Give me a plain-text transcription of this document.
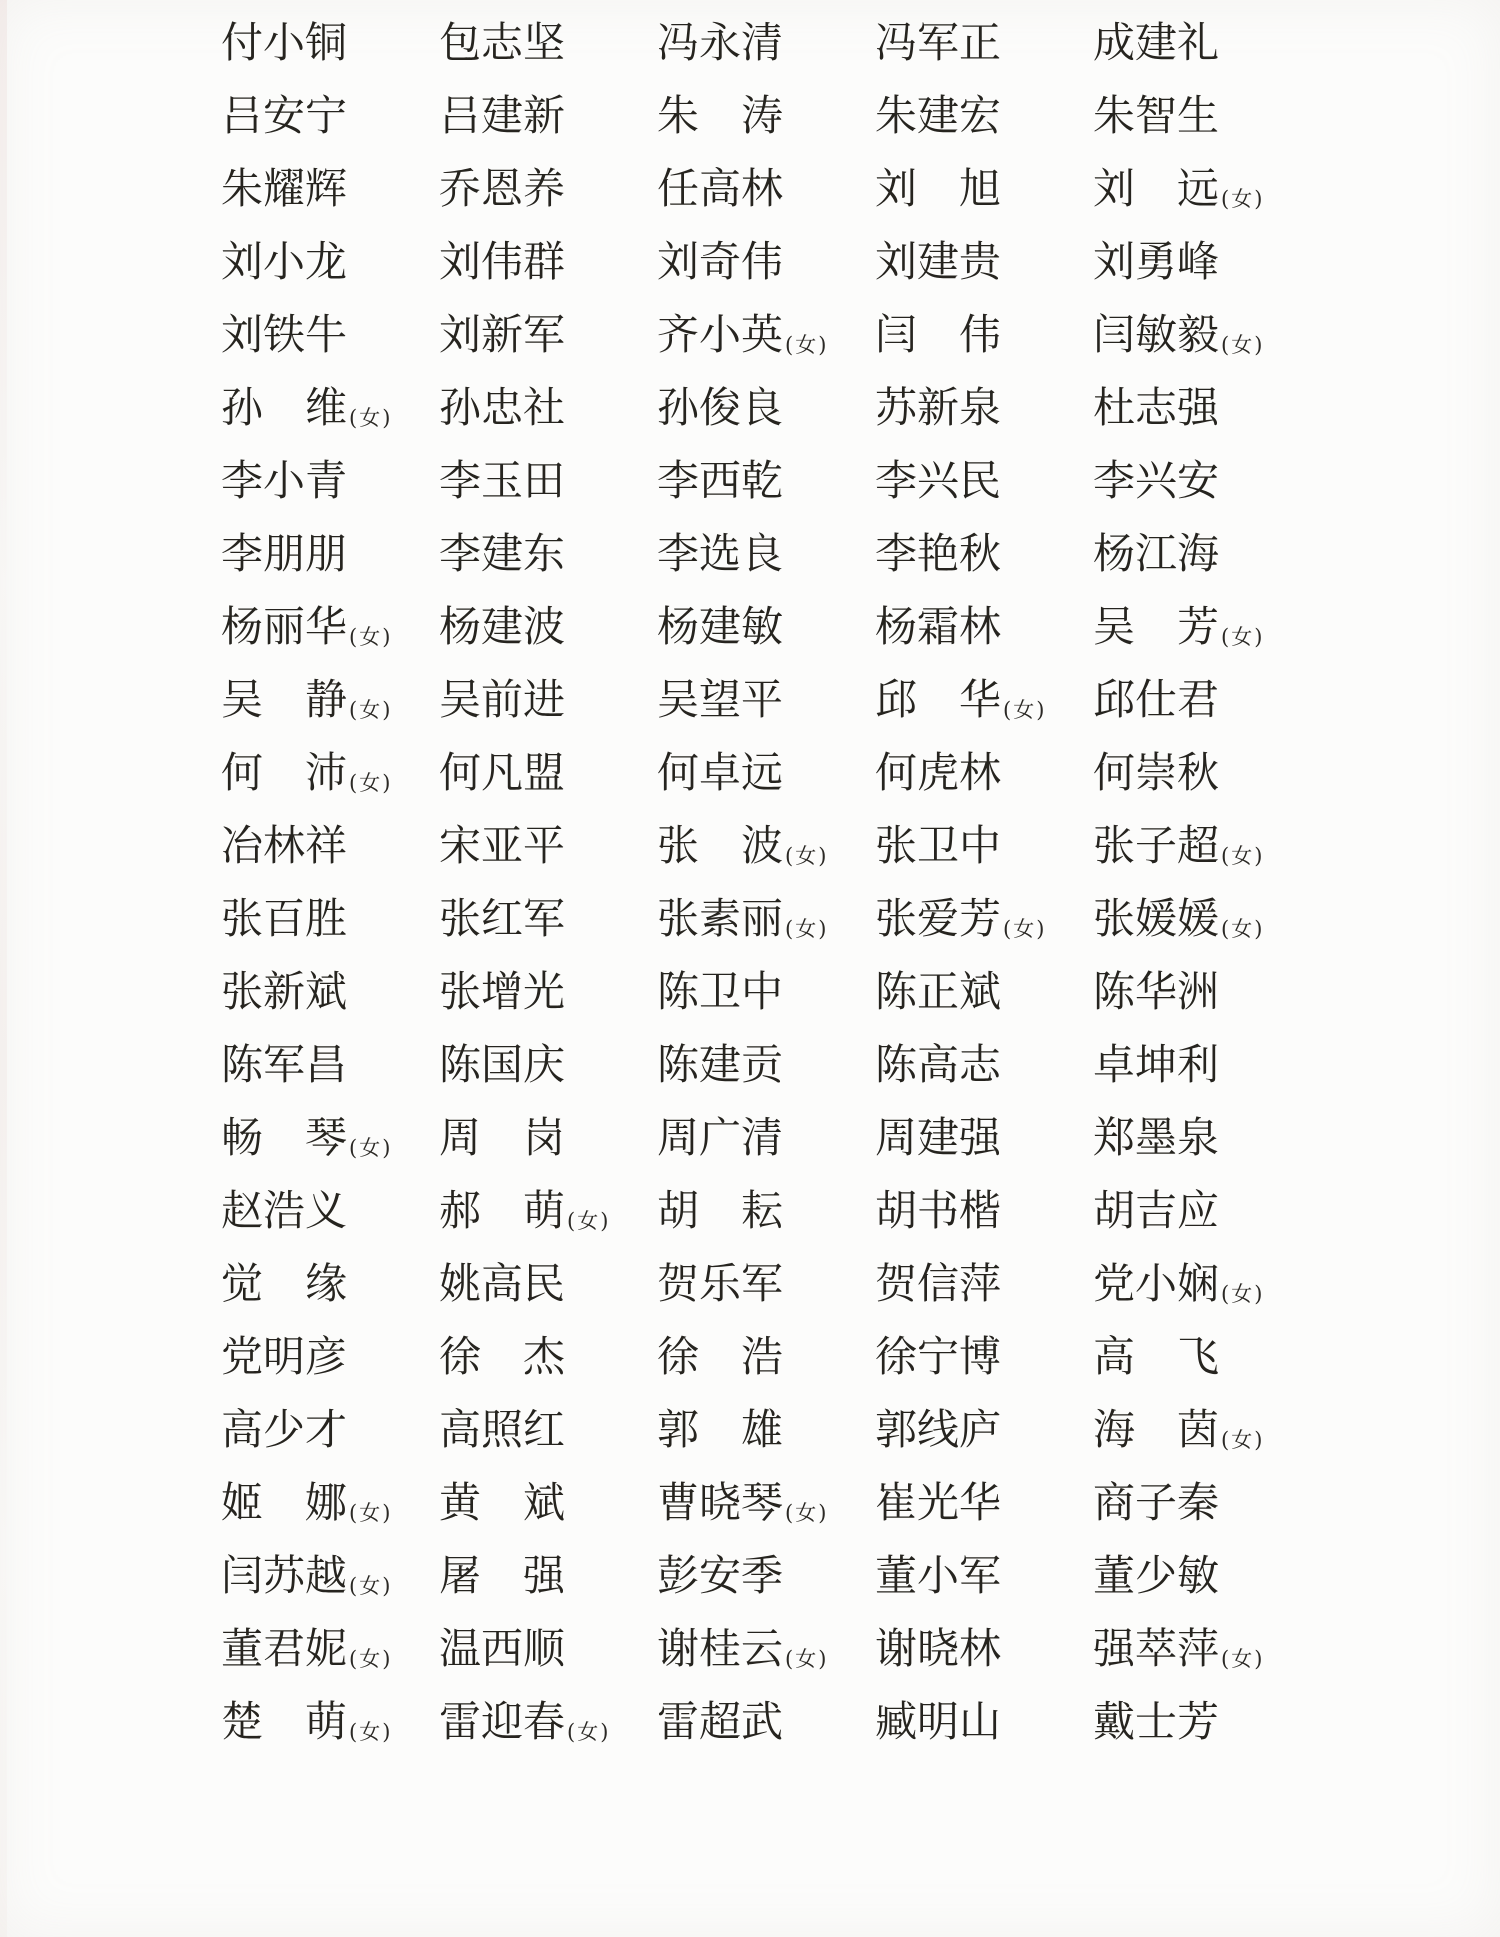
付 小 铜 包 志 坚 冯 永 清 冯 军 正 成 建 礼
吕 安 宁 吕 建 新 朱 涛 朱 建 宏 朱 智 生
朱 耀 辉 乔 恩 养 任 高 林 刘 旭 刘 远 (女)
刘 小 龙 刘 伟 群 刘 奇 伟 刘 建 贵 刘 勇 峰
刘 铁 牛 刘 新 军 齐 小 英 (女) 闫 伟 闫 敏 毅 (女)
孙 维 (女) 孙 忠 社 孙 俊 良 苏 新 泉 杜 志 强
李 小 青 李 玉 田 李 西 乾 李 兴 民 李 兴 安
李 朋 朋 李 建 东 李 选 良 李 艳 秋 杨 江 海
杨 丽 华 (女) 杨 建 波 杨 建 敏 杨 霜 林 吴 芳 (女)
吴 静 (女) 吴 前 进 吴 望 平 邱 华 (女) 邱 仕 君
何 沛 (女) 何 凡 盟 何 卓 远 何 虎 林 何 崇 秋
冶 林 祥 宋 亚 平 张 波 (女) 张 卫 中 张 子 超 (女)
张 百 胜 张 红 军 张 素 丽 (女) 张 爱 芳 (女) 张 媛 媛 (女)
张 新 斌 张 增 光 陈 卫 中 陈 正 斌 陈 华 洲
陈 军 昌 陈 国 庆 陈 建 贡 陈 高 志 卓 坤 利
畅 琴 (女) 周 岗 周 广 清 周 建 强 郑 墨 泉
赵 浩 义 郝 萌 (女) 胡 耘 胡 书 楷 胡 吉 应
觉 缘 姚 高 民 贺 乐 军 贺 信 萍 党 小 娴 (女)
党 明 彦 徐 杰 徐 浩 徐 宁 博 高 飞
高 少 才 高 照 红 郭 雄 郭 线 庐 海 茵 (女)
姬 娜 (女) 黄 斌 曹 晓 琴 (女) 崔 光 华 商 子 秦
闫 苏 越 (女) 屠 强 彭 安 季 董 小 军 董 少 敏
董 君 妮 (女) 温 西 顺 谢 桂 云 (女) 谢 晓 林 强 萃 萍 (女)
楚 萌 (女) 雷 迎 春 (女) 雷 超 武 臧 明 山 戴 士 芳
